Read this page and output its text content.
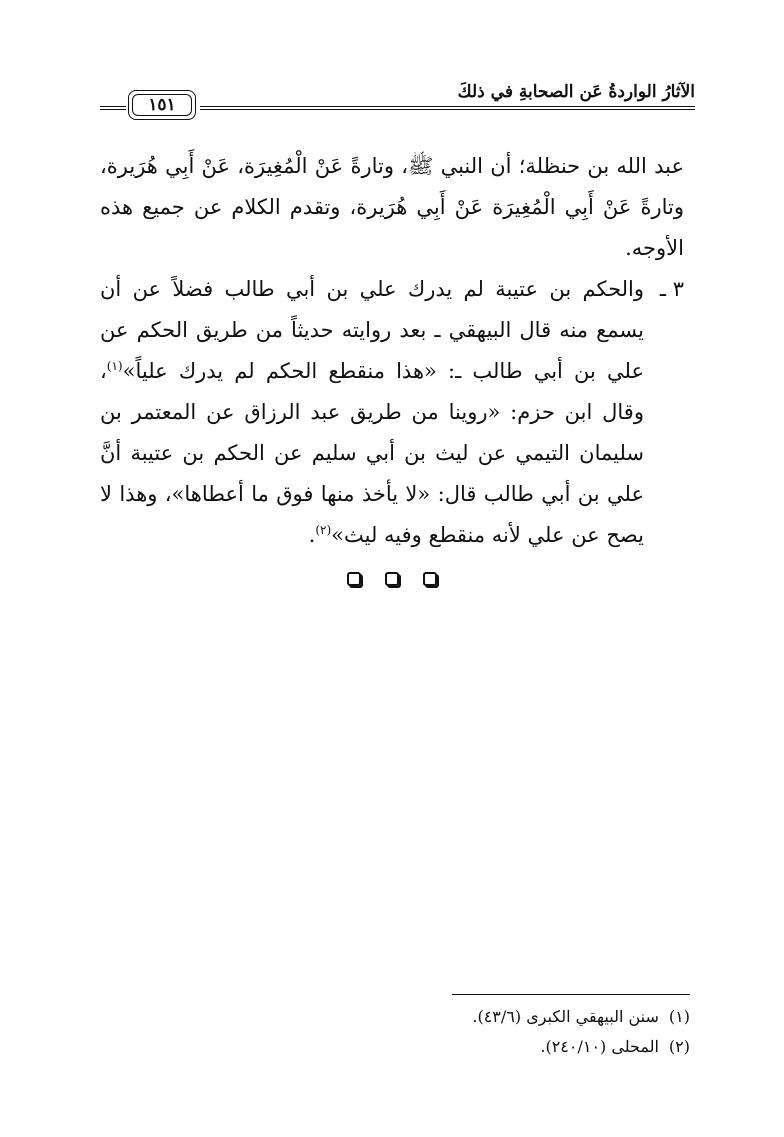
الآثارُ الواردةُ عَن الصحابةِ في ذلكَ
١٥١

عبد الله بن حنظلة؛ أن النبي ﷺ، وتارةً عَنْ الْمُغِيرَة، عَنْ أَبِي هُرَيرة، وتارةً عَنْ أَبِي الْمُغِيرَة عَنْ أَبِي هُرَيرة، وتقدم الكلام عن جميع هذه الأوجه.

٣ ـ
والحكم بن عتيبة لم يدرك علي بن أبي طالب فضلاً عن أن يسمع منه قال البيهقي ـ بعد روايته حديثاً من طريق الحكم عن علي بن أبي طالب ـ: «هذا منقطع الحكم لم يدرك علياً»$^{(١)}$، وقال ابن حزم: «روينا من طريق عبد الرزاق عن المعتمر بن سليمان التيمي عن ليث بن أبي سليم عن الحكم بن عتيبة أنَّ علي بن أبي طالب قال: «لا يأخذ منها فوق ما أعطاها»، وهذا لا يصح عن علي لأنه منقطع وفيه ليث»$^{(٢)}$.
(١)
سنن البيهقي الكبرى (٤٣/٦).
(٢)
المحلى (٢٤٠/١٠).
